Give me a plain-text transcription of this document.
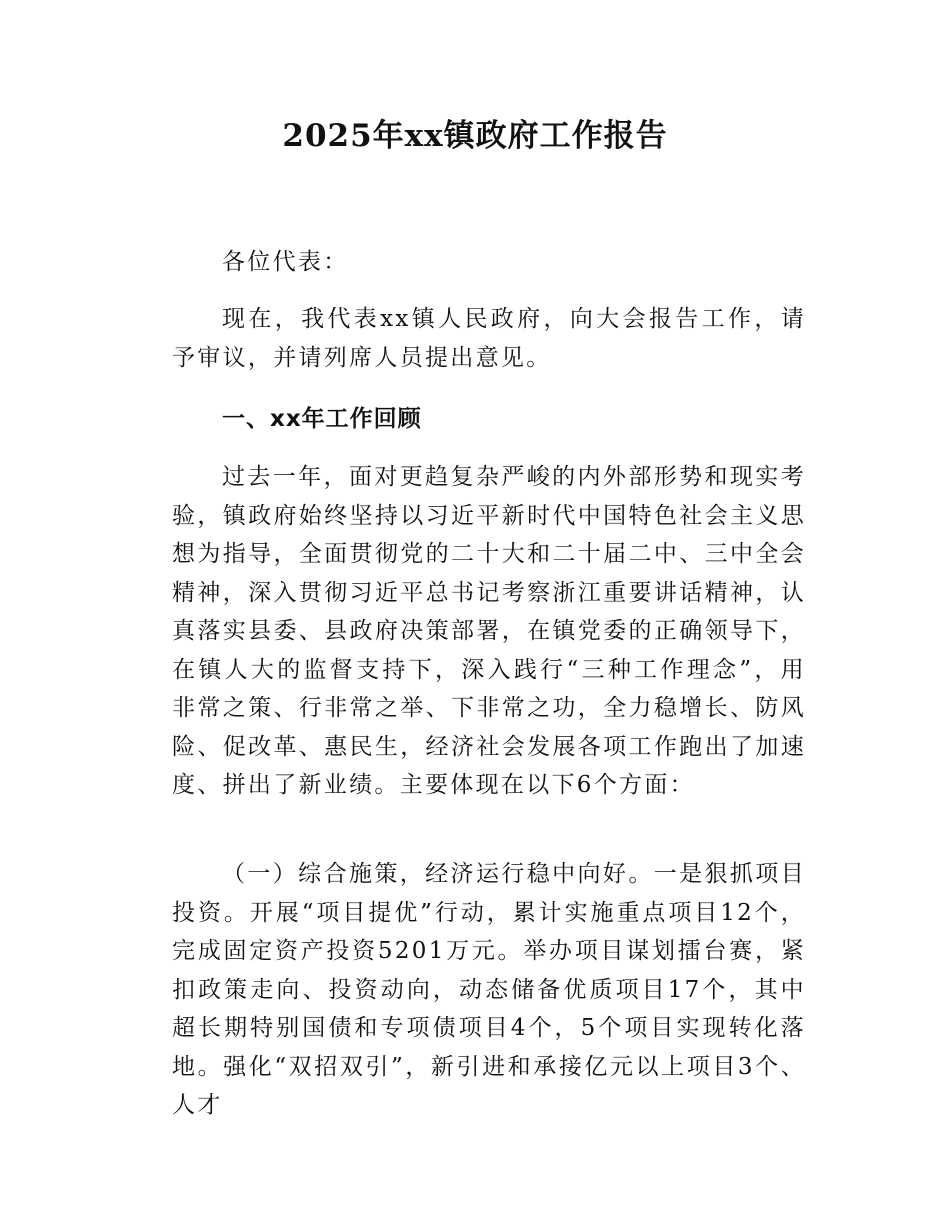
2025年xx镇政府工作报告

各位代表：

现在，我代表xx镇人民政府，向大会报告工作，请予审议，并请列席人员提出意见。

一、xx年工作回顾

过去一年，面对更趋复杂严峻的内外部形势和现实考验，镇政府始终坚持以习近平新时代中国特色社会主义思想为指导，全面贯彻党的二十大和二十届二中、三中全会精神，深入贯彻习近平总书记考察浙江重要讲话精神，认真落实县委、县政府决策部署，在镇党委的正确领导下，在镇人大的监督支持下，深入践行“三种工作理念”，用非常之策、行非常之举、下非常之功，全力稳增长、防风险、促改革、惠民生，经济社会发展各项工作跑出了加速度、拼出了新业绩。主要体现在以下6个方面：

（一）综合施策，经济运行稳中向好。一是狠抓项目投资。开展“项目提优”行动，累计实施重点项目12个，完成固定资产投资5201万元。举办项目谋划擂台赛，紧扣政策走向、投资动向，动态储备优质项目17个，其中超长期特别国债和专项债项目4个，5个项目实现转化落地。强化“双招双引”，新引进和承接亿元以上项目3个、人才
